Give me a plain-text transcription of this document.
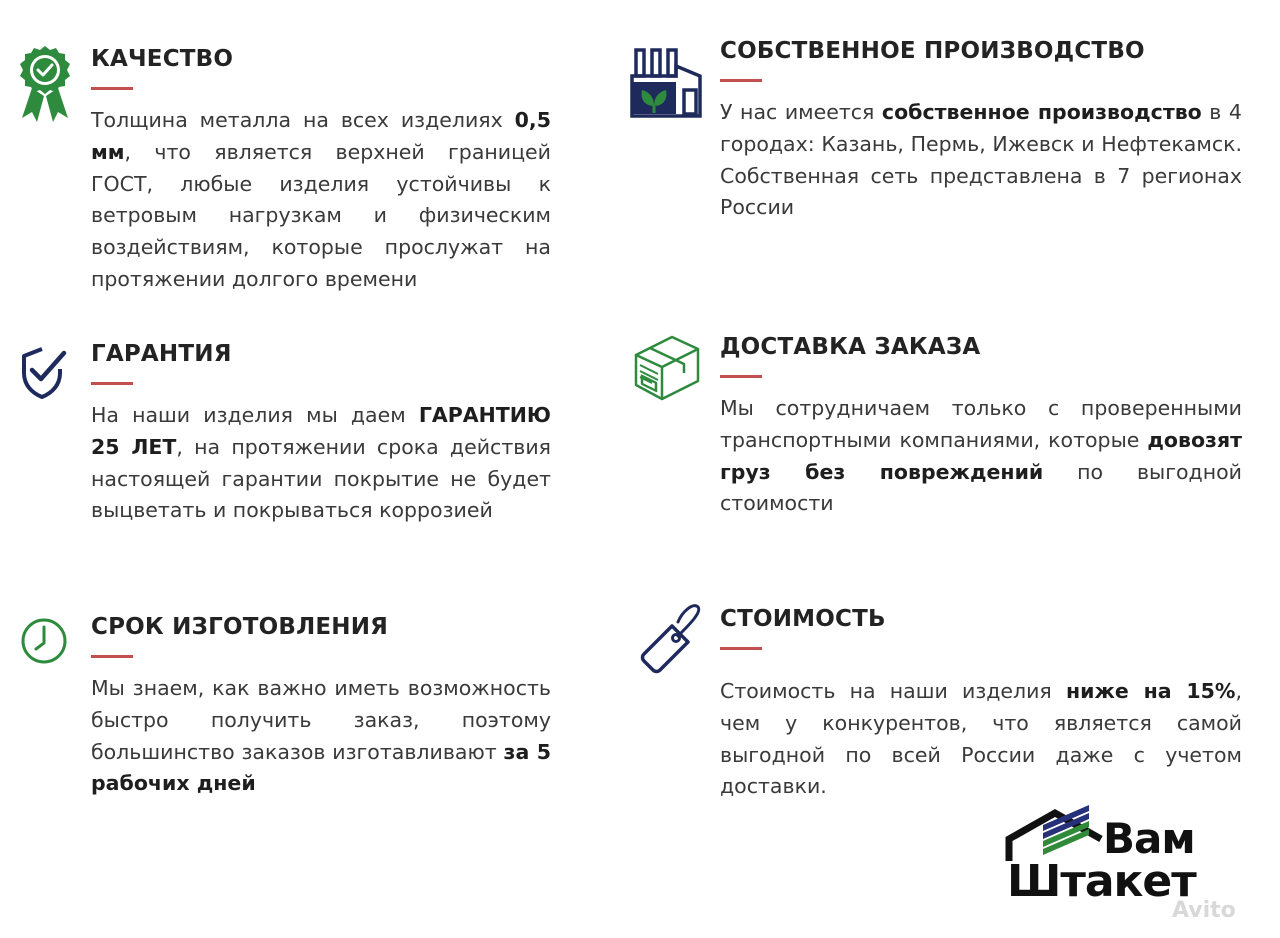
КАЧЕСТВО

Толщина металла на всех изделиях 0,5 мм, что является верхней границей ГОСТ, любые изделия устойчивы к ветровым нагрузкам и физическим воздействиям, которые прослужат на протяжении долгого времени

СОБСТВЕННОЕ ПРОИЗВОДСТВО

У нас имеется собственное производство в 4 городах: Казань, Пермь, Ижевск и Нефтекамск. Собственная сеть представлена в 7 регионах России

ГАРАНТИЯ

На наши изделия мы даем ГАРАНТИЮ 25 ЛЕТ, на протяжении срока действия настоящей гарантии покрытие не будет выцветать и покрываться коррозией

ДОСТАВКА ЗАКАЗА

Мы сотрудничаем только с проверенными транспортными компаниями, которые довозят груз без повреждений по выгодной стоимости

СРОК ИЗГОТОВЛЕНИЯ

Мы знаем, как важно иметь возможность быстро получить заказ, поэтому большинство заказов изготавливают за 5 рабочих дней

СТОИМОСТЬ

Стоимость на наши изделия ниже на 15%, чем у конкурентов, что является самой выгодной по всей России даже с учетом доставки.

Вам
Штакет
Avito
